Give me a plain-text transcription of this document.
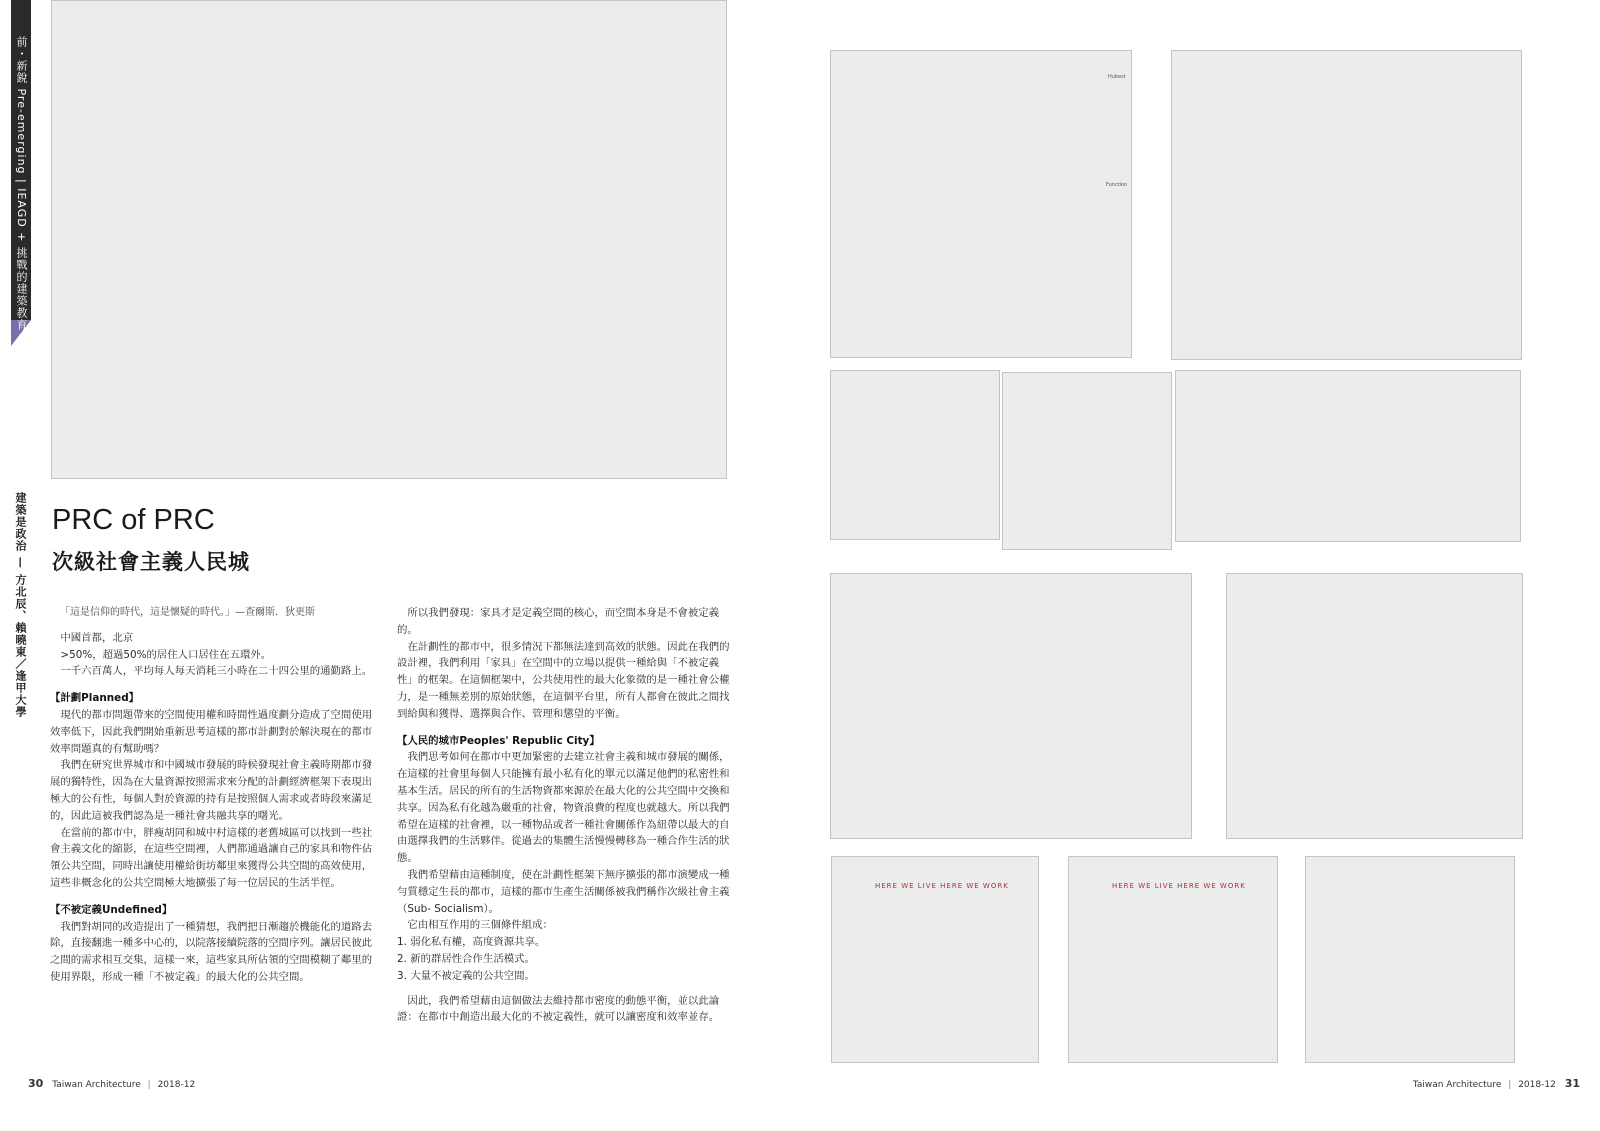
前・新銳 Pre-emerging | IEAGD + 挑戰的建築教育
建築是政治 — 方北辰、賴曉東／逢甲大學 PRC of PRC
次級社會主義人民城

「這是信仰的時代，這是懷疑的時代。」—查爾斯．狄更斯

中國首都，北京

>50%，超過50%的居住人口居住在五環外。

一千六百萬人，平均每人每天消耗三小時在二十四公里的通勤路上。

【計劃Planned】

現代的都市問題帶來的空間使用權和時間性過度劃分造成了空間使用效率低下，因此我們開始重新思考這樣的都市計劃對於解決現在的都市效率問題真的有幫助嗎？

我們在研究世界城市和中國城市發展的時候發現社會主義時期都市發展的獨特性，因為在大量資源按照需求來分配的計劃經濟框架下表現出極大的公有性，每個人對於資源的持有是按照個人需求或者時段來滿足的，因此這被我們認為是一種社會共融共享的曙光。

在當前的都市中，胖瘦胡同和城中村這樣的老舊城區可以找到一些社會主義文化的縮影，在這些空間裡，人們都通過讓自己的家具和物件佔領公共空間，同時出讓使用權給街坊鄰里來獲得公共空間的高效使用，這些非概念化的公共空間極大地擴張了每一位居民的生活半徑。

【不被定義Undefined】

我們對胡同的改造提出了一種猜想，我們把日漸趨於機能化的道路去除，直接翻進一種多中心的，以院落接續院落的空間序列。讓居民彼此之間的需求相互交集，這樣一來，這些家具所佔領的空間模糊了鄰里的使用界限，形成一種「不被定義」的最大化的公共空間。

所以我們發現：家具才是定義空間的核心，而空間本身是不會被定義的。

在計劃性的都市中，很多情況下都無法達到高效的狀態。因此在我們的設計裡，我們利用「家具」在空間中的立場以提供一種給與「不被定義性」的框架。在這個框架中，公共使用性的最大化象徵的是一種社會公權力，是一種無差別的原始狀態，在這個平台里，所有人都會在彼此之間找到給與和獲得、選擇與合作、管理和懲望的平衡。

【人民的城市Peoples' Republic City】

我們思考如何在都市中更加緊密的去建立社會主義和城市發展的關係，在這樣的社會里每個人只能擁有最小私有化的單元以滿足他們的私密性和基本生活。居民的所有的生活物資都來源於在最大化的公共空間中交換和共享。因為私有化越為嚴重的社會，物資浪費的程度也就越大。所以我們希望在這樣的社會裡，以一種物品或者一種社會關係作為紐帶以最大的自由選擇我們的生活夥伴。從過去的集體生活慢慢轉移為一種合作生活的狀態。

我們希望藉由這種制度，使在計劃性框架下無序擴張的都市演變成一種勻質穩定生長的都市，這樣的都市生產生活關係被我們稱作次級社會主義（Sub- Socialism）。

它由相互作用的三個條件組成：

1. 弱化私有權，高度資源共享。

2. 新的群居性合作生活模式。

3. 大量不被定義的公共空間。

因此，我們希望藉由這個做法去維持都市密度的動態平衡，並以此論證：在都市中創造出最大化的不被定義性，就可以讓密度和效率並存。

Hubest
Function
HERE WE LIVE HERE WE WORK	HERE WE LIVE HERE WE WORK
30 Taiwan Architecture | 2018-12	Taiwan Architecture | 2018-12 31
